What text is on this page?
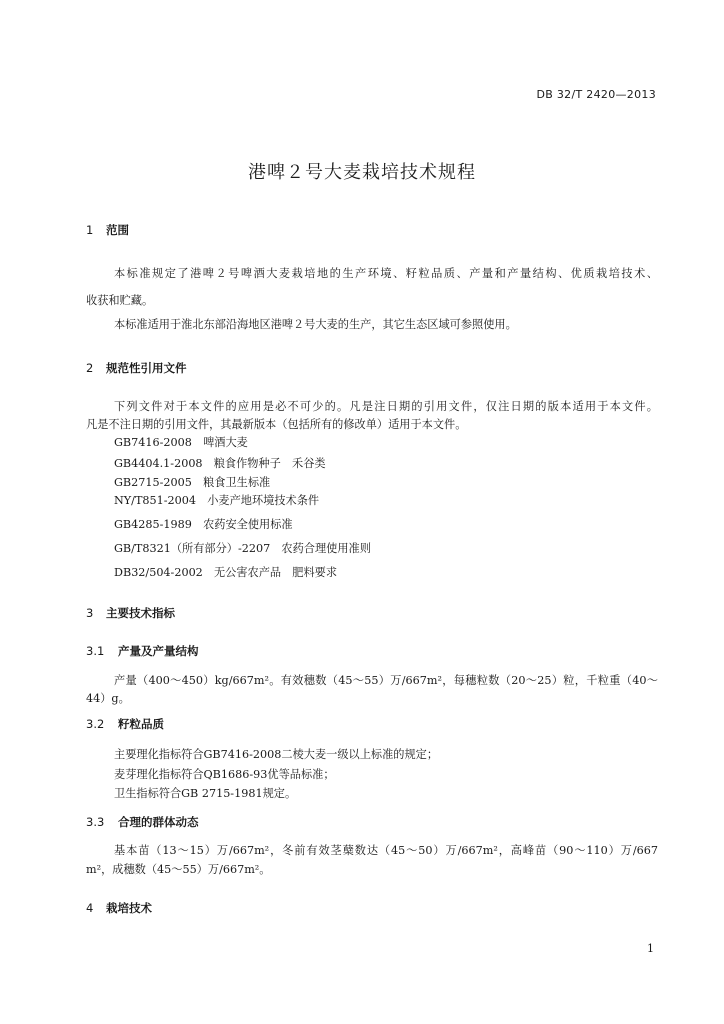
DB 32/T 2420—2013
港啤２号大麦栽培技术规程
1 范围
本标准规定了港啤２号啤酒大麦栽培地的生产环境、籽粒品质、产量和产量结构、优质栽培技术、
收获和贮藏。
本标准适用于淮北东部沿海地区港啤２号大麦的生产，其它生态区域可参照使用。
2 规范性引用文件
下列文件对于本文件的应用是必不可少的。凡是注日期的引用文件，仅注日期的版本适用于本文件。
凡是不注日期的引用文件，其最新版本（包括所有的修改单）适用于本文件。
GB7416-2008　啤酒大麦
GB4404.1-2008　粮食作物种子　禾谷类
GB2715-2005　粮食卫生标准
NY/T851-2004　小麦产地环境技术条件
GB4285-1989　农药安全使用标准
GB/T8321（所有部分）-2207　农药合理使用准则
DB32/504-2002　无公害农产品　肥料要求
3 主要技术指标
3.1 产量及产量结构
产量（400～450）kg/667m²。有效穗数（45～55）万/667m²，每穗粒数（20～25）粒，千粒重（40～
44）g。
3.2 籽粒品质
主要理化指标符合GB7416-2008二棱大麦一级以上标准的规定；
麦芽理化指标符合QB1686-93优等品标准；
卫生指标符合GB 2715-1981规定。
3.3 合理的群体动态
基本苗（13～15）万/667m²，冬前有效茎蘖数达（45～50）万/667m²，高峰苗（90～110）万/667
m²，成穗数（45～55）万/667m²。
4 栽培技术
1
